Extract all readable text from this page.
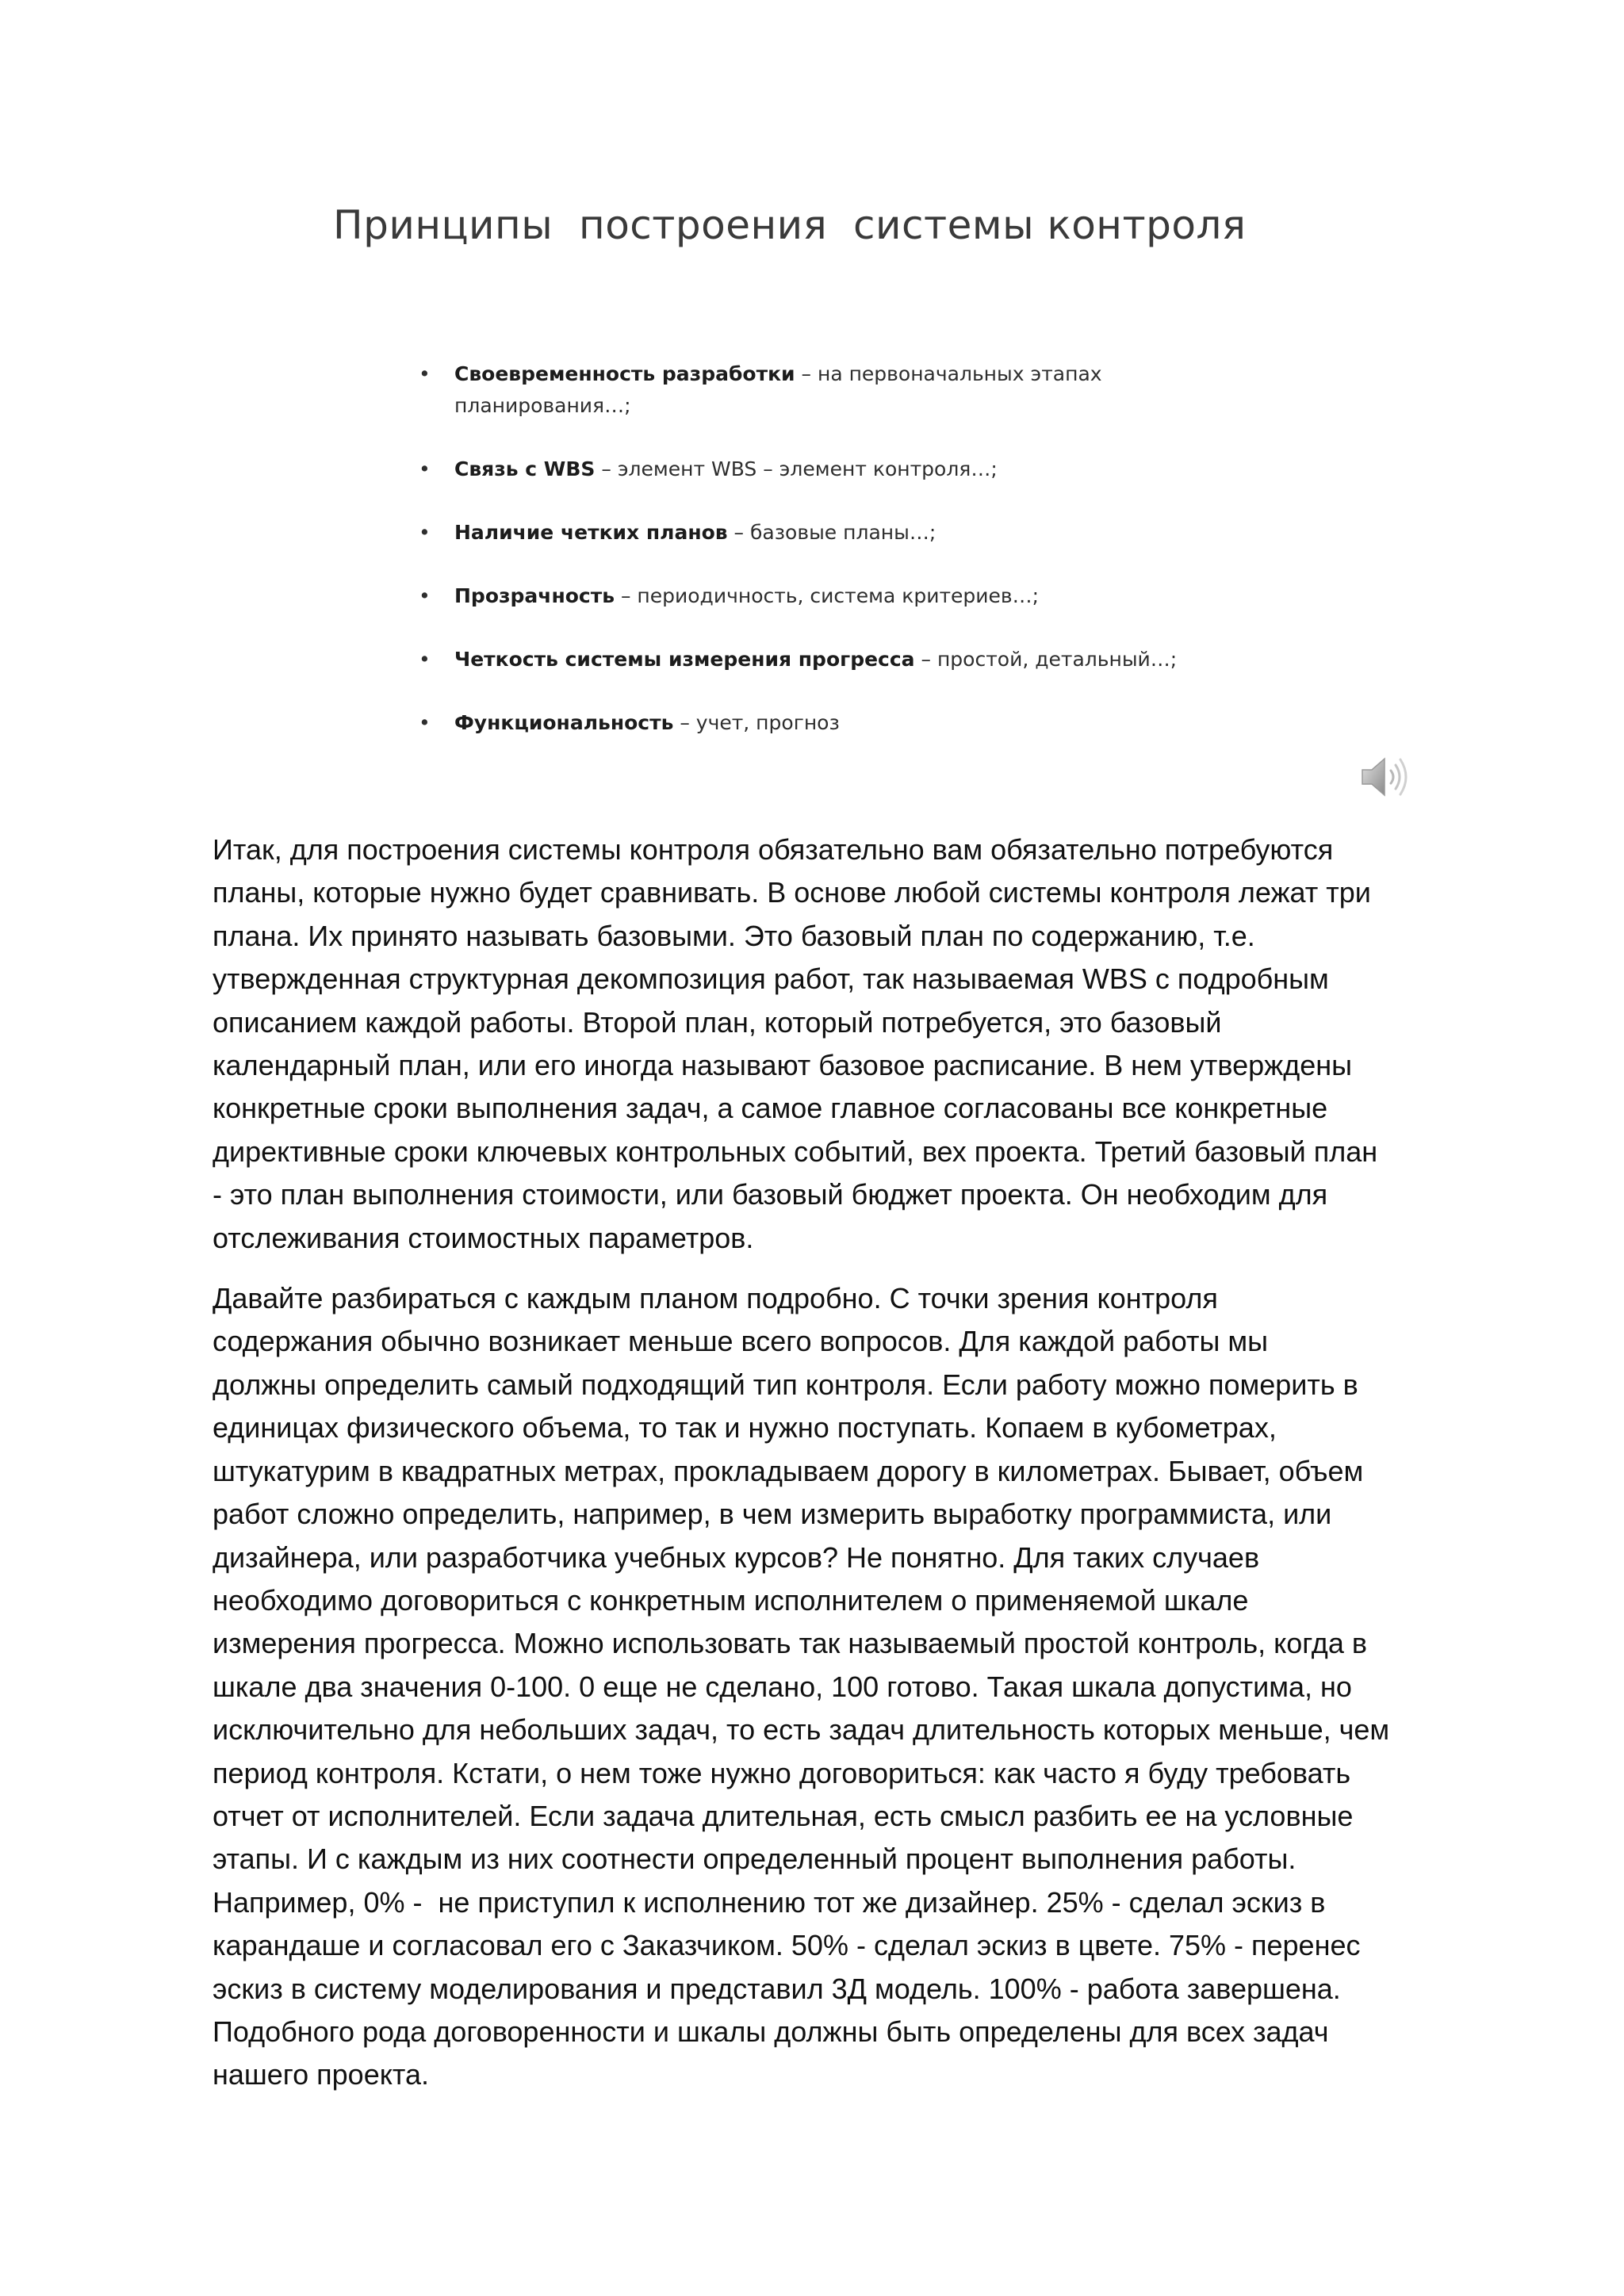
Принципы  построения  системы контроля
• Своевременность разработки – на первоначальных этапах
планирования…;
• Связь с WBS – элемент WBS – элемент контроля…;
• Наличие четких планов – базовые планы…;
• Прозрачность – периодичность, система критериев…;
• Четкость системы измерения прогресса – простой, детальный…;
• Функциональность – учет, прогноз

Итак, для построения системы контроля обязательно вам обязательно потребуются
планы, которые нужно будет сравнивать. В основе любой системы контроля лежат три
плана. Их принято называть базовыми. Это базовый план по содержанию, т.е.
утвержденная структурная декомпозиция работ, так называемая WBS с подробным
описанием каждой работы. Второй план, который потребуется, это базовый
календарный план, или его иногда называют базовое расписание. В нем утверждены
конкретные сроки выполнения задач, а самое главное согласованы все конкретные
директивные сроки ключевых контрольных событий, вех проекта. Третий базовый план
- это план выполнения стоимости, или базовый бюджет проекта. Он необходим для
отслеживания стоимостных параметров.

Давайте разбираться с каждым планом подробно. С точки зрения контроля
содержания обычно возникает меньше всего вопросов. Для каждой работы мы
должны определить самый подходящий тип контроля. Если работу можно померить в
единицах физического объема, то так и нужно поступать. Копаем в кубометрах,
штукатурим в квадратных метрах, прокладываем дорогу в километрах. Бывает, объем
работ сложно определить, например, в чем измерить выработку программиста, или
дизайнера, или разработчика учебных курсов? Не понятно. Для таких случаев
необходимо договориться с конкретным исполнителем о применяемой шкале
измерения прогресса. Можно использовать так называемый простой контроль, когда в
шкале два значения 0-100. 0 еще не сделано, 100 готово. Такая шкала допустима, но
исключительно для небольших задач, то есть задач длительность которых меньше, чем
период контроля. Кстати, о нем тоже нужно договориться: как часто я буду требовать
отчет от исполнителей. Если задача длительная, есть смысл разбить ее на условные
этапы. И с каждым из них соотнести определенный процент выполнения работы.
Например, 0% -  не приступил к исполнению тот же дизайнер. 25% - сделал эскиз в
карандаше и согласовал его с Заказчиком. 50% - сделал эскиз в цвете. 75% - перенес
эскиз в систему моделирования и представил 3Д модель. 100% - работа завершена.
Подобного рода договоренности и шкалы должны быть определены для всех задач
нашего проекта.
